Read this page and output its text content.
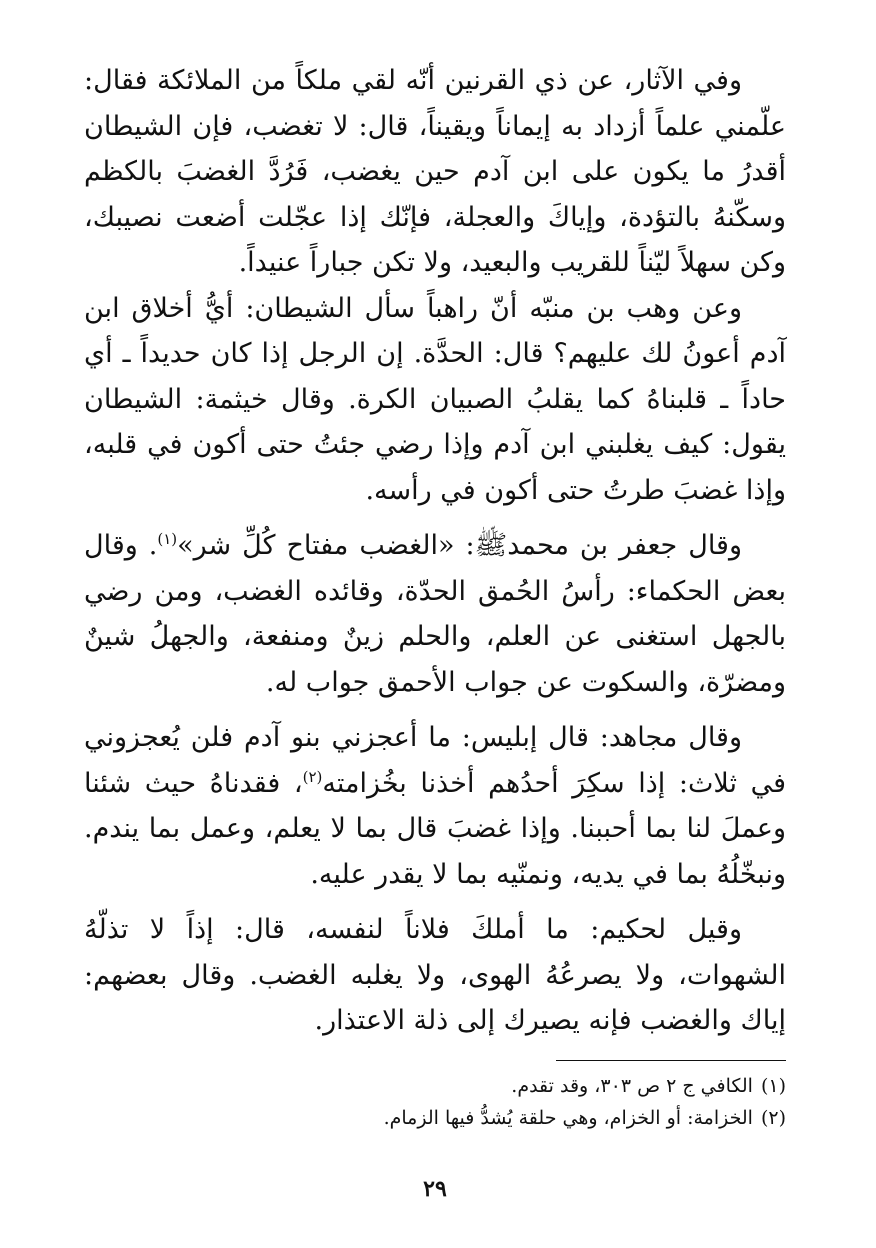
وفي الآثار، عن ذي القرنين أنّه لقي ملكاً من الملائكة فقال: علّمني علماً أزداد به إيماناً ويقيناً، قال: لا تغضب، فإن الشيطان أقدرُ ما يكون على ابن آدم حين يغضب، فَرُدَّ الغضبَ بالكظم وسكّنهُ بالتؤدة، وإياكَ والعجلة، فإنّك إذا عجّلت أضعت نصيبك، وكن سهلاً ليّناً للقريب والبعيد، ولا تكن جباراً عنيداً.

وعن وهب بن منبّه أنّ راهباً سأل الشيطان: أيُّ أخلاق ابن آدم أعونُ لك عليهم؟ قال: الحدَّة. إن الرجل إذا كان حديداً ـ أي حاداً ـ قلبناهُ كما يقلبُ الصبيان الكرة. وقال خيثمة: الشيطان يقول: كيف يغلبني ابن آدم وإذا رضي جئتُ حتى أكون في قلبه، وإذا غضبَ طرتُ حتى أكون في رأسه.

وقال جعفر بن محمدﷺ: «الغضب مفتاح كُلِّ شر»$^{(١)}$. وقال بعض الحكماء: رأسُ الحُمق الحدّة، وقائده الغضب، ومن رضي بالجهل استغنى عن العلم، والحلم زينٌ ومنفعة، والجهلُ شينٌ ومضرّة، والسكوت عن جواب الأحمق جواب له.

وقال مجاهد: قال إبليس: ما أعجزني بنو آدم فلن يُعجزوني في ثلاث: إذا سكِرَ أحدُهم أخذنا بخُزامته$^{(٢)}$، فقدناهُ حيث شئنا وعملَ لنا بما أحببنا. وإذا غضبَ قال بما لا يعلم، وعمل بما يندم. ونبخّلُهُ بما في يديه، ونمنّيه بما لا يقدر عليه.

وقيل لحكيم: ما أملكَ فلاناً لنفسه، قال: إذاً لا تذلّهُ الشهوات، ولا يصرعُهُ الهوى، ولا يغلبه الغضب. وقال بعضهم: إياك والغضب فإنه يصيرك إلى ذلة الاعتذار.

(١)الكافي ج ٢ ص ٣٠٣، وقد تقدم.

(٢)الخزامة: أو الخزام، وهي حلقة يُشدُّ فيها الزمام.

٢٩
